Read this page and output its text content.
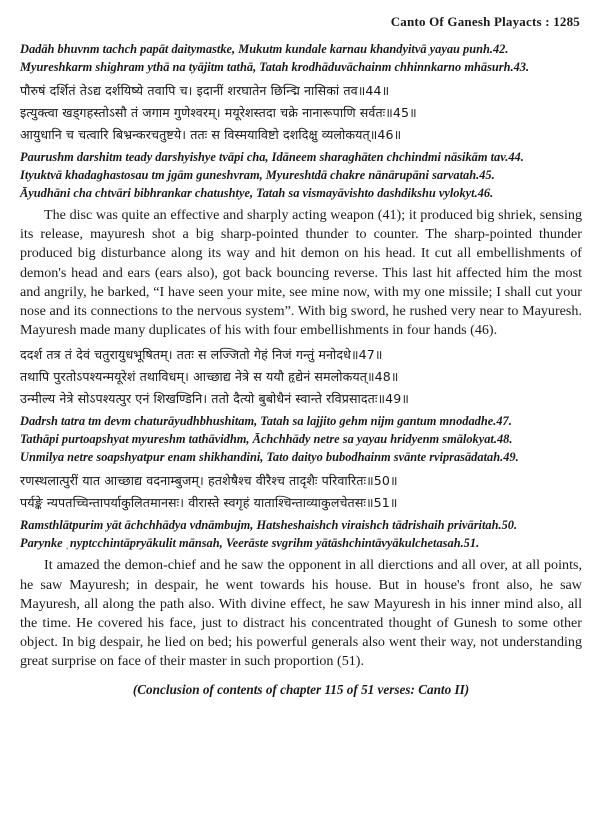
Canto Of Ganesh Playacts : 1285

Dadāh bhuvnm tachch papāt daitymastke, Mukutm kundale karnau khandyitvā yayau punh.42.

Myureshkarm shighram ythā na tyājitm tathā, Tatah krodhāduvāchainm chhinnkarno mhāsurh.43.

पौरुषं दर्शितं तेऽद्य दर्शयिष्ये तवापि च। इदानीं शरघातेन छिन्द्मि नासिकां तव॥44॥

इत्युक्त्वा खड्गहस्तोऽसौ तं जगाम गुणेश्वरम्। मयूरेशस्तदा चक्रे नानारूपाणि सर्वतः॥45॥

आयुधानि च चत्वारि बिभ्रन्करचतुष्टये। ततः स विस्मयाविष्टो दशदिक्षु व्यलोकयत्॥46॥

Paurushm darshitm teady darshyishye tvāpi cha, Idāneem sharaghāten chchindmi nāsikām tav.44.

Ityuktvā khadaghastosau tm jgām guneshvram, Myureshtdā chakre nānārupāni sarvatah.45.

Āyudhāni cha chtvāri bibhrankar chatushtye, Tatah sa vismayāvishto dashdikshu vylokyt.46.

The disc was quite an effective and sharply acting weapon (41); it produced big shriek, sensing its release, mayuresh shot a big sharp-pointed thunder to counter. The sharp-pointed thunder produced big disturbance along its way and hit demon on his head. It cut all embellishments of demon's head and ears (ears also), got back bouncing reverse. This last hit affected him the most and angrily, he barked, “I have seen your mite, see mine now, with my one missile; I shall cut your nose and its connections to the nervous system”. With big sword, he rushed very near to Mayuresh. Mayuresh made many duplicates of his with four embellishments in four hands (46).

ददर्श तत्र तं देवं चतुरायुधभूषितम्। ततः स लज्जितो गेहं निजं गन्तुं मनोदधे॥47॥

तथापि पुरतोऽपश्यन्मयूरेशं तथाविधम्। आच्छाद्य नेत्रे स ययौ हृद्येनं समलोकयत्॥48॥

उन्मील्य नेत्रे सोऽपश्यत्पुर एनं शिखण्डिनि। ततो दैत्यो बुबोधैनं स्वान्ते रविप्रसादतः॥49॥

Dadrsh tatra tm devm chaturāyudhbhushitam, Tatah sa lajjito gehm nijm gantum mnodadhe.47.

Tathāpi purtoapshyat myureshm tathāvidhm, Āchchhādy netre sa yayau hridyenm smālokyat.48.

Unmilya netre soapshyatpur enam shikhandini, Tato daityo bubodhainm svānte rviprasādatah.49.

रणस्थलात्पुरीं यात आच्छाद्य वदनाम्बुजम्। हतशेषैश्च वीरैश्च तादृशैः परिवारितः॥50॥

पर्यङ्के न्यपतच्चिन्तापर्याकुलितमानसः। वीरास्ते स्वगृहं याताश्चिन्ताव्याकुलचेतसः॥51॥

Ramsthlātpurim yāt āchchhādya vdnāmbujm, Hatsheshaishch viraishch tādrishaih privāritah.50.

Parynke ˌnyptcchintāpryākulit mānsah, Veerāste svgrihm yātāshchintāvyākulchetasah.51.

It amazed the demon-chief and he saw the opponent in all dierctions and all over, at all points, he saw Mayuresh; in despair, he went towards his house. But in house's front also, he saw Mayuresh, all along the path also. With divine effect, he saw Mayuresh in his inner mind also, all the time. He covered his face, just to distract his concentrated thought of Gunesh to some other object. In big despair, he lied on bed; his powerful generals also went their way, not understanding great surprise on face of their master in such proportion (51).

(Conclusion of contents of chapter 115 of 51 verses: Canto II)
